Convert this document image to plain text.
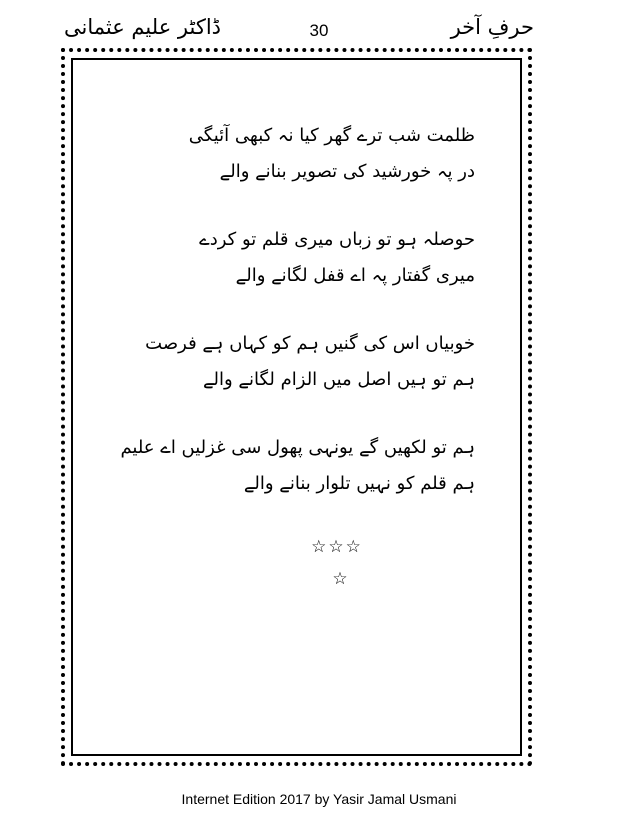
حرفِ آخر
30
ڈاکٹر علیم عثمانی
ظلمت شب ترے گھر کیا نہ کبھی آئیگی
در پہ خورشید کی تصویر بنانے والے
حوصلہ ہو تو زباں میری قلم تو کردے
میری گفتار پہ اے قفل لگانے والے
خوبیاں اس کی گنیں ہم کو کہاں ہے فرصت
ہم تو ہیں اصل میں الزام لگانے والے
ہم تو لکھیں گے یونہی پھول سی غزلیں اے علیم
ہم قلم کو نہیں تلوار بنانے والے
☆☆☆
☆
Internet Edition 2017 by Yasir Jamal Usmani
